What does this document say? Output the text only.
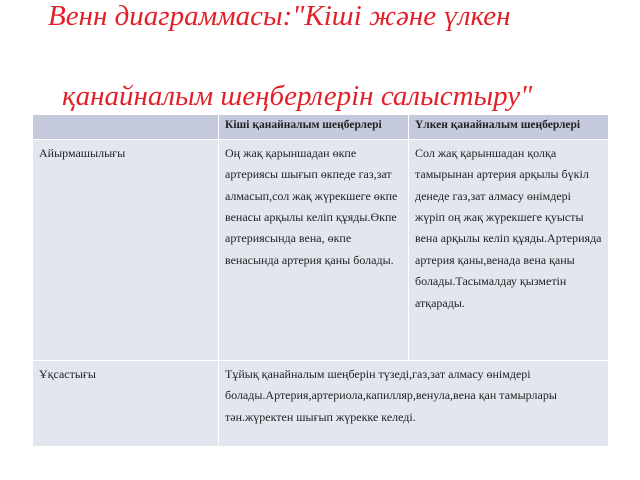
Венн диаграммасы:"Кіші және үлкен
қанайналым шеңберлерін салыстыру"
	Кіші қанайналым шеңберлері	Үлкен қанайналым шеңберлері
Айырмашылығы	Оң жақ қарыншадан өкпе артериясы шығып өкпеде газ,зат алмасып,сол жақ жүрекшеге өкпе венасы арқылы келіп құяды.Өкпе артериясында вена, өкпе венасында артерия қаны болады.	Сол жақ қарыншадан қолқа тамырынан артерия арқылы бүкіл денеде газ,зат алмасу өнімдері жүріп оң жақ жүрекшеге қуысты вена арқылы келіп құяды.Артерияда артерия қаны,венада вена қаны болады.Тасымалдау қызметін атқарады.
Ұқсастығы	Тұйық қанайналым шеңберін түзеді,газ,зат алмасу өнімдері болады.Артерия,артериола,капилляр,венула,вена қан тамырлары тән.жүректен шығып жүрекке келеді.	
